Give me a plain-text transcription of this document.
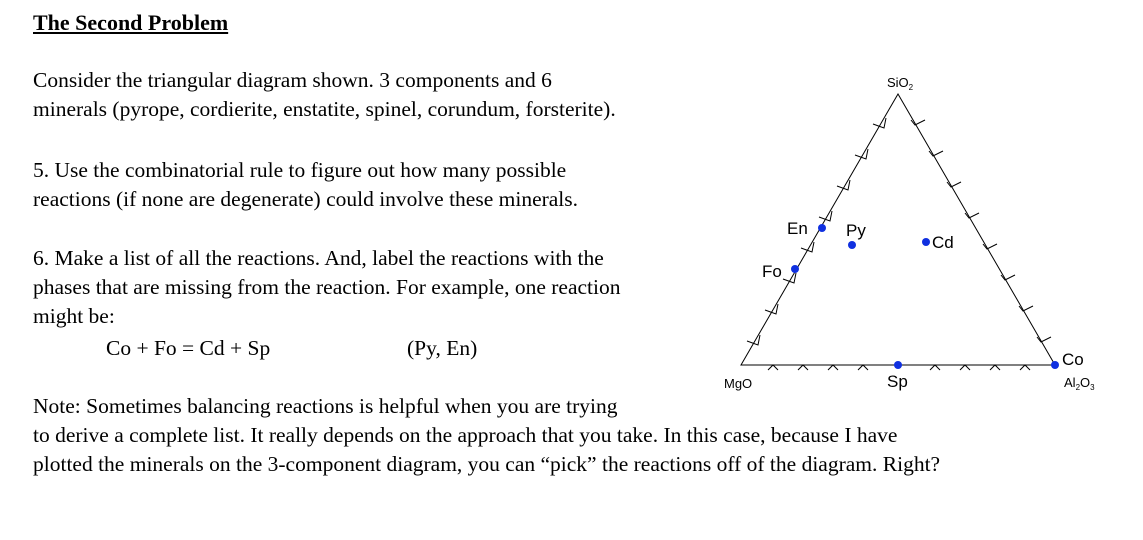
The Second Problem
Consider the triangular diagram shown. 3 components and 6
minerals (pyrope, cordierite, enstatite, spinel, corundum, forsterite).
5. Use the combinatorial rule to figure out how many possible
reactions (if none are degenerate) could involve these minerals.
6. Make a list of all the reactions. And, label the reactions with the
phases that are missing from the reaction. For example, one reaction
might be:
Co + Fo = Cd + Sp	(Py, En)
Note: Sometimes balancing reactions is helpful when you are trying
to derive a complete list. It really depends on the approach that you take. In this case, because I have
plotted the minerals on the 3-component diagram, you can “pick” the reactions off of the diagram. Right?
SiO$_2$
MgO
Co
$Al_2O_3$
En Py
Cd
Fo
Sp
